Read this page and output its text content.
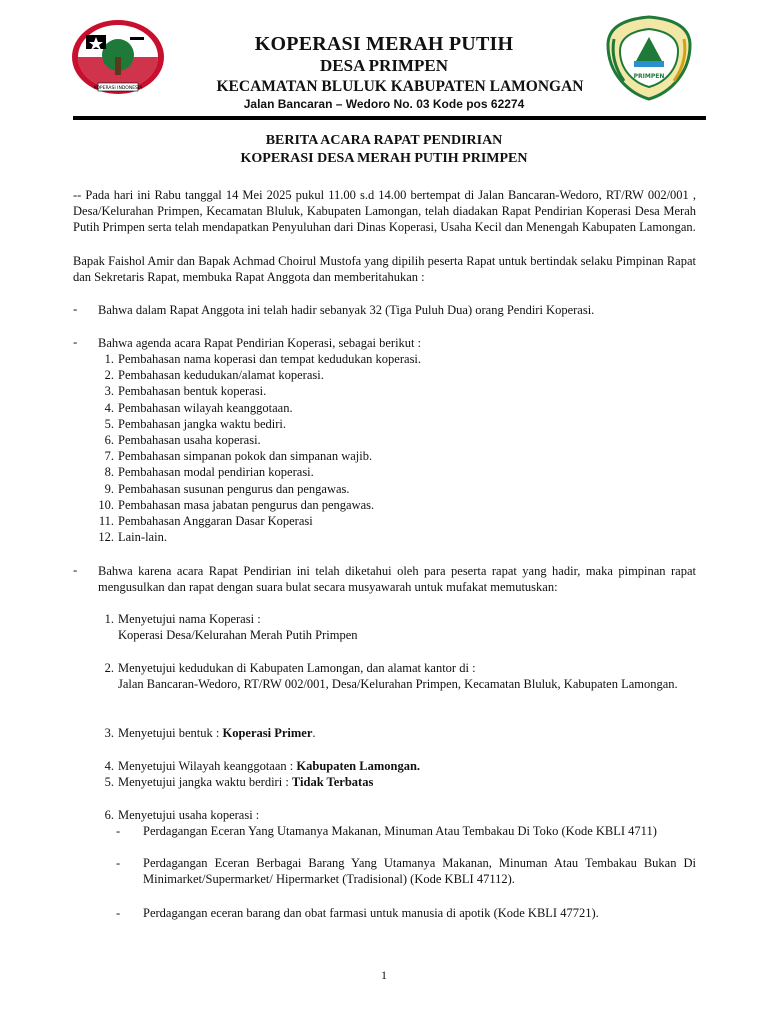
KOPERASI INDONESIA
PRIMPEN
KOPERASI MERAH PUTIH
DESA PRIMPEN
KECAMATAN BLULUK KABUPATEN LAMONGAN
Jalan Bancaran – Wedoro No. 03 Kode pos 62274
BERITA ACARA RAPAT PENDIRIAN
KOPERASI DESA MERAH PUTIH PRIMPEN
-- Pada hari ini Rabu tanggal 14 Mei 2025 pukul 11.00 s.d 14.00 bertempat di Jalan Bancaran-Wedoro, RT/RW 002/001 , Desa/Kelurahan Primpen, Kecamatan Bluluk, Kabupaten Lamongan, telah diadakan Rapat Pendirian Koperasi Desa Merah Putih Primpen serta telah mendapatkan Penyuluhan dari Dinas Koperasi, Usaha Kecil dan Menengah Kabupaten Lamongan.
Bapak Faishol Amir dan Bapak Achmad Choirul Mustofa yang dipilih peserta Rapat untuk bertindak selaku Pimpinan Rapat dan Sekretaris Rapat, membuka Rapat Anggota dan memberitahukan :
- Bahwa dalam Rapat Anggota ini telah hadir sebanyak 32 (Tiga Puluh Dua) orang Pendiri Koperasi.
- Bahwa agenda acara Rapat Pendirian Koperasi, sebagai berikut :
1. Pembahasan nama koperasi dan tempat kedudukan koperasi.
2. Pembahasan kedudukan/alamat koperasi.
3. Pembahasan bentuk koperasi.
4. Pembahasan wilayah keanggotaan.
5. Pembahasan jangka waktu bediri.
6. Pembahasan usaha koperasi.
7. Pembahasan simpanan pokok dan simpanan wajib.
8. Pembahasan modal pendirian koperasi.
9. Pembahasan susunan pengurus dan pengawas.
10. Pembahasan masa jabatan pengurus dan pengawas.
11. Pembahasan Anggaran Dasar Koperasi
12. Lain-lain.
- Bahwa karena acara Rapat Pendirian ini telah diketahui oleh para peserta rapat yang hadir, maka pimpinan rapat mengusulkan dan rapat dengan suara bulat secara musyawarah untuk mufakat memutuskan:
1. Menyetujui nama Koperasi :
Koperasi Desa/Kelurahan Merah Putih Primpen
2. Menyetujui kedudukan di Kabupaten Lamongan, dan alamat kantor di :
Jalan Bancaran-Wedoro, RT/RW 002/001, Desa/Kelurahan Primpen, Kecamatan Bluluk, Kabupaten Lamongan.
3. Menyetujui bentuk : Koperasi Primer.
4. Menyetujui Wilayah keanggotaan : Kabupaten Lamongan.
5. Menyetujui jangka waktu berdiri : Tidak Terbatas
6. Menyetujui usaha koperasi :
- Perdagangan Eceran Yang Utamanya Makanan, Minuman Atau Tembakau Di Toko (Kode KBLI 4711)
- Perdagangan Eceran Berbagai Barang Yang Utamanya Makanan, Minuman Atau Tembakau Bukan Di Minimarket/Supermarket/ Hipermarket (Tradisional) (Kode KBLI 47112).
- Perdagangan eceran barang dan obat farmasi untuk manusia di apotik (Kode KBLI 47721).
1
